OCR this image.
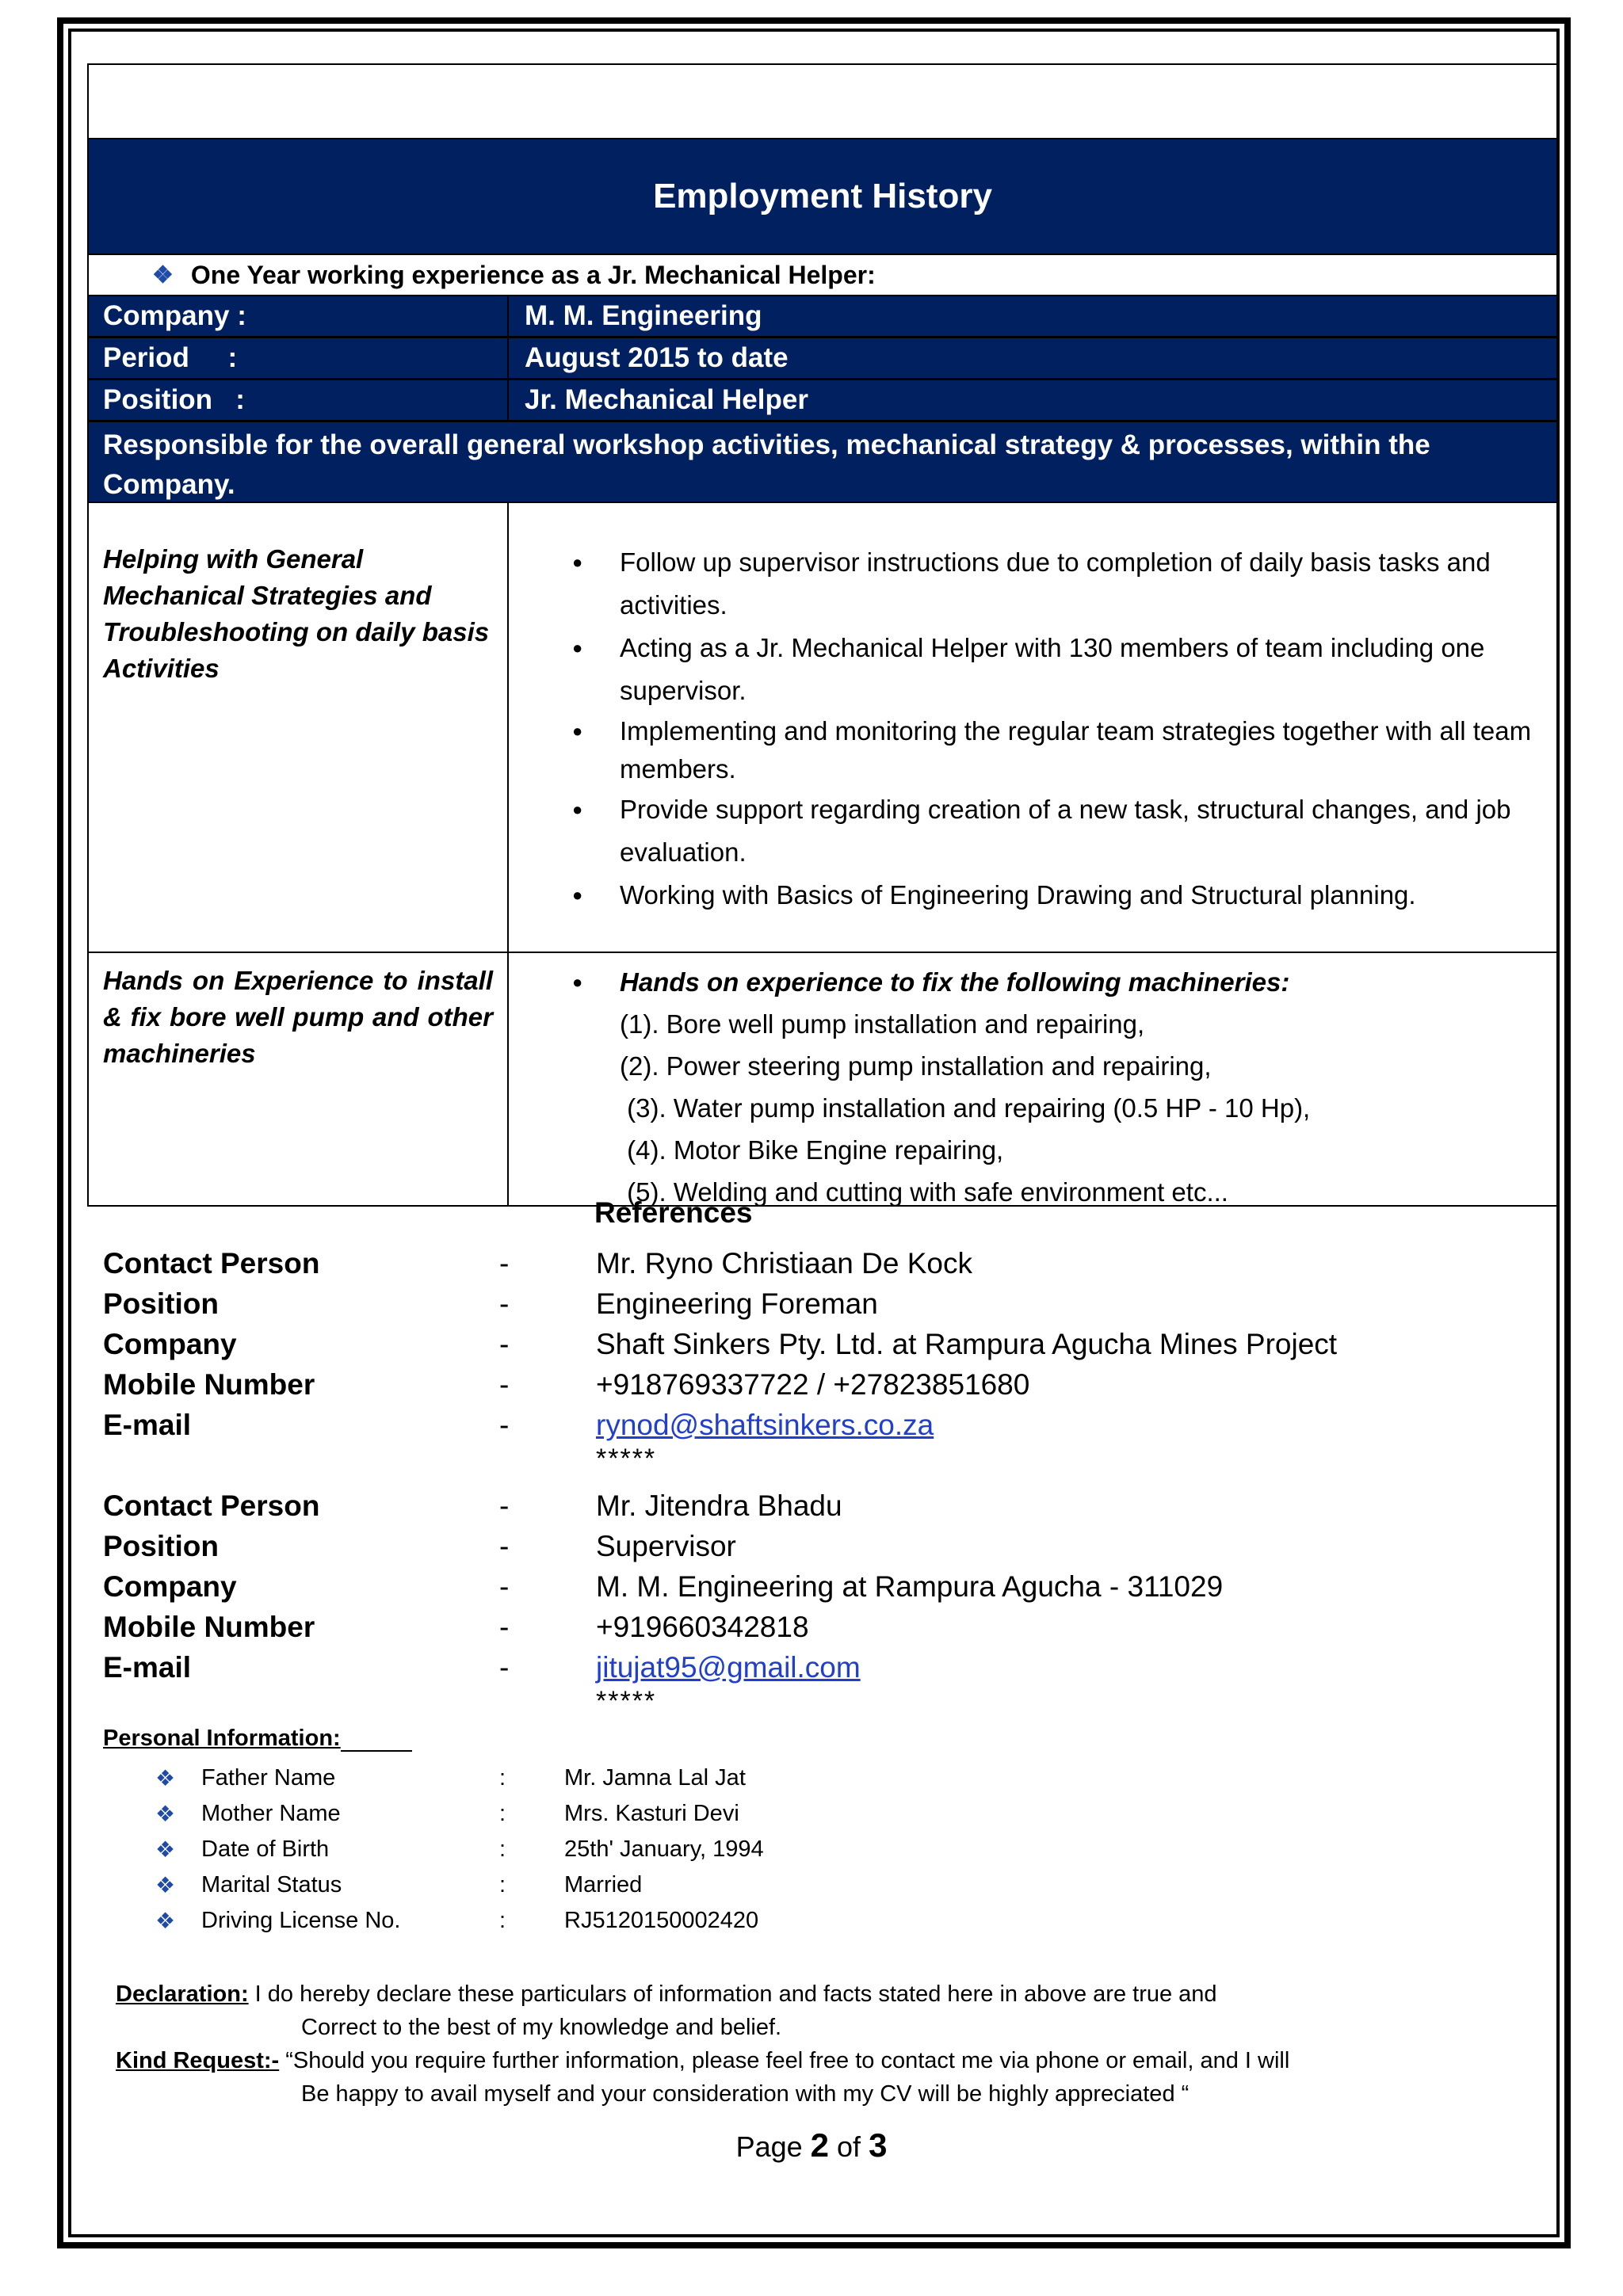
Employment History
❖ One Year working experience as a Jr. Mechanical Helper:
Company :	M. M. Engineering
Period     :	August 2015 to date
Position   :	Jr. Mechanical Helper
Responsible for the overall general workshop activities, mechanical strategy & processes, within the Company.
Helping with General Mechanical Strategies and Troubleshooting on daily basis Activities
● Follow up supervisor instructions due to completion of daily basis tasks and activities.
● Acting as a Jr. Mechanical Helper with 130 members of team including one supervisor.
● Implementing and monitoring the regular team strategies together with all team members.
● Provide support regarding creation of a new task, structural changes, and job evaluation.
● Working with Basics of Engineering Drawing and Structural planning.
Hands on Experience to install & fix bore well pump and other machineries
● Hands on experience to fix the following machineries:
(1). Bore well pump installation and repairing,
(2). Power steering pump installation and repairing,
(3). Water pump installation and repairing (0.5 HP - 10 Hp),
(4). Motor Bike Engine repairing,
(5). Welding and cutting with safe environment etc...
References
Contact Person	-	Mr. Ryno Christiaan De Kock
Position	-	Engineering Foreman
Company	-	Shaft Sinkers Pty. Ltd. at Rampura Agucha Mines Project
Mobile Number	-	+918769337722 / +27823851680
E-mail	-	rynod@shaftsinkers.co.za
*****
Contact Person	-	Mr. Jitendra Bhadu
Position	-	Supervisor
Company	-	M. M. Engineering at Rampura Agucha - 311029
Mobile Number	-	+919660342818
E-mail	-	jitujat95@gmail.com
*****
Personal Information:
❖	Father Name	:	Mr. Jamna Lal Jat
❖	Mother Name	:	Mrs. Kasturi Devi
❖	Date of Birth	:	25th' January, 1994
❖	Marital Status	:	Married
❖	Driving License No.	:	RJ5120150002420
Declaration: I do hereby declare these particulars of information and facts stated here in above are true and
Correct to the best of my knowledge and belief.
Kind Request:- “Should you require further information, please feel free to contact me via phone or email, and I will
Be happy to avail myself and your consideration with my CV will be highly appreciated “
Page 2 of 3
